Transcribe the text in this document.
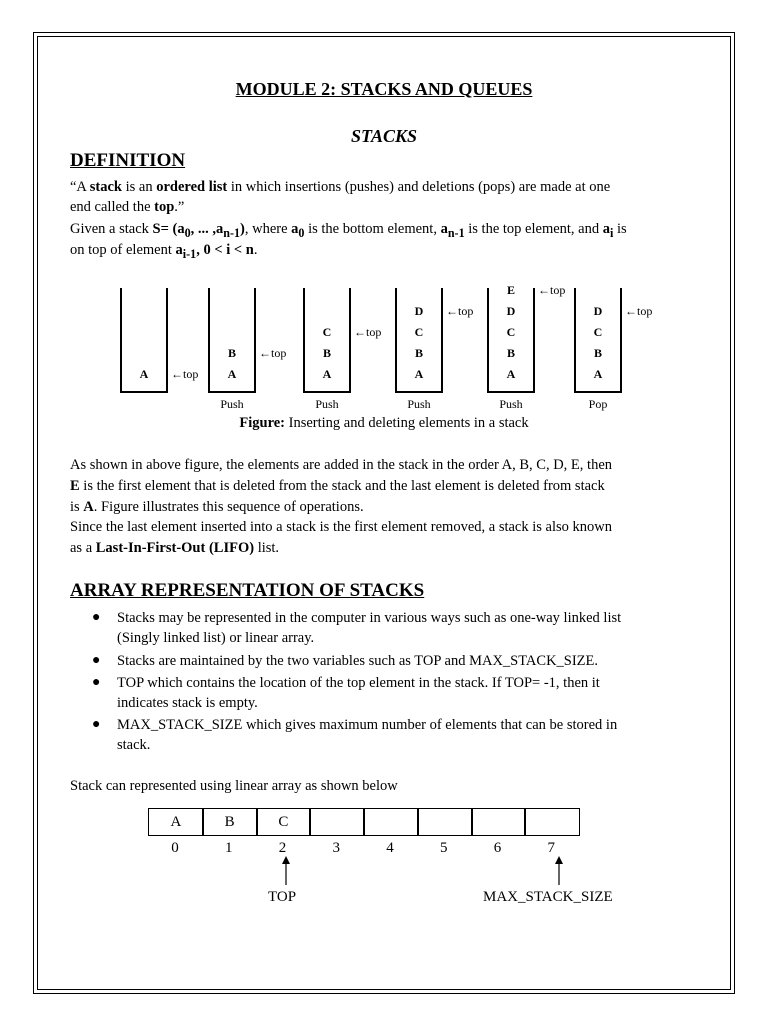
MODULE 2: STACKS AND QUEUES
STACKS
DEFINITION
“A stack is an ordered list in which insertions (pushes) and deletions (pops) are made at one
end called the top.”
Given a stack $S= (a_0$, ... $,a_{n-1}$), where $a_0$ is the bottom element, $a_{n-1}$ is the top element, and $a_i$ is
on top of element $a_{i-1}$, 0 < i < n.
A ←top A
B ←top
Push
A
B
C ←top
Push
A
B
C
D ←top
Push
A
B
C
D
E ←top
Push
A
B
C
D ←top
Pop
Figure: Inserting and deleting elements in a stack
As shown in above figure, the elements are added in the stack in the order A, B, C, D, E, then
E is the first element that is deleted from the stack and the last element is deleted from stack
is A. Figure illustrates this sequence of operations.
Since the last element inserted into a stack is the first element removed, a stack is also known
as a Last-In-First-Out (LIFO) list.
ARRAY REPRESENTATION OF STACKS
● Stacks may be represented in the computer in various ways such as one-way linked list
(Singly linked list) or linear array.
● Stacks are maintained by the two variables such as TOP and MAX_STACK_SIZE.
● TOP which contains the location of the top element in the stack. If TOP= -1, then it
indicates stack is empty.
● MAX_STACK_SIZE which gives maximum number of elements that can be stored in
stack.
Stack can represented using linear array as shown below
A	B	C
0	1	2	3	4	5	6	7
TOP	MAX_STACK_SIZE
